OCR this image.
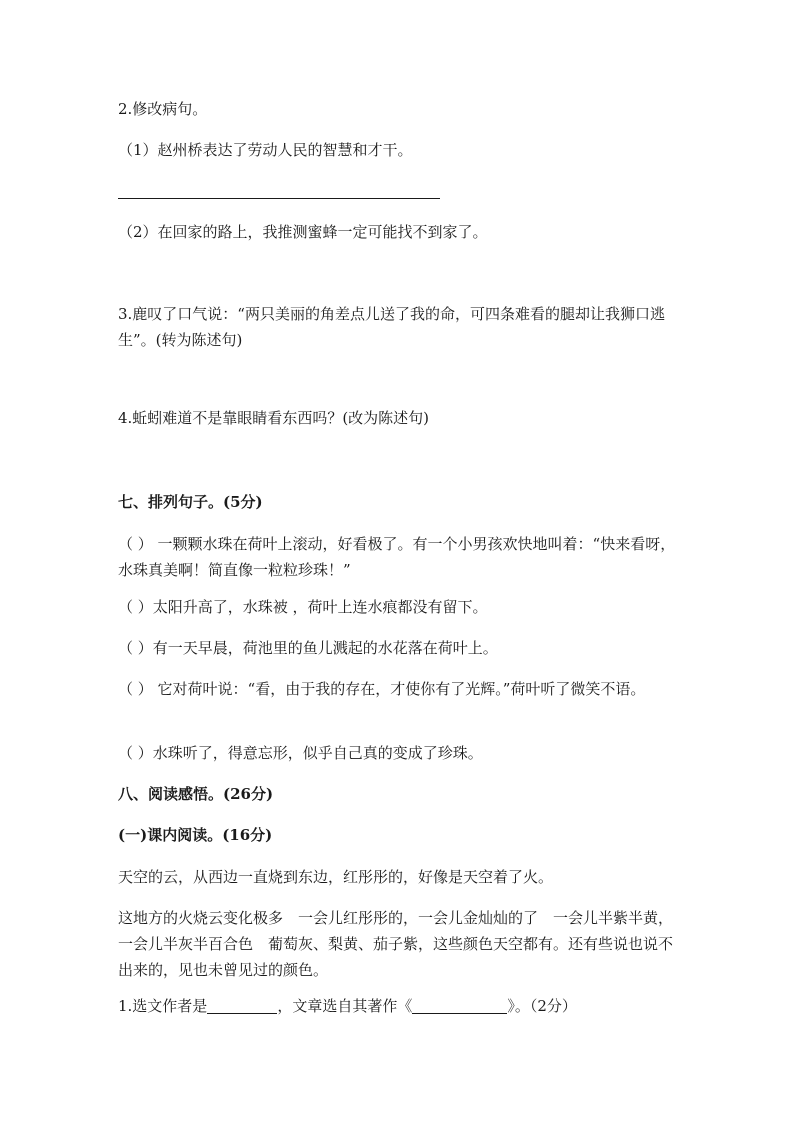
2.修改病句。
（1）赵州桥表达了劳动人民的智慧和才干。
（2）在回家的路上，我推测蜜蜂一定可能找不到家了。
3.鹿叹了口气说：“两只美丽的角差点儿送了我的命，可四条难看的腿却让我狮口逃生”。(转为陈述句)
4.蚯蚓难道不是靠眼睛看东西吗？(改为陈述句)
七、排列句子。(5分)
（ ） 一颗颗水珠在荷叶上滚动，好看极了。有一个小男孩欢快地叫着：“快来看呀，水珠真美啊！简直像一粒粒珍珠！”
（ ）太阳升高了，水珠被 ，荷叶上连水痕都没有留下。
（ ）有一天早晨，荷池里的鱼儿溅起的水花落在荷叶上。
（ ） 它对荷叶说：“看，由于我的存在，才使你有了光辉。”荷叶听了微笑不语。
（ ）水珠听了，得意忘形，似乎自己真的变成了珍珠。
八、阅读感悟。(26分)
(一)课内阅读。(16分)
天空的云，从西边一直烧到东边，红彤彤的，好像是天空着了火。
这地方的火烧云变化极多　一会儿红彤彤的，一会儿金灿灿的了　一会儿半紫半黄，一会儿半灰半百合色　葡萄灰、梨黄、茄子紫，这些颜色天空都有。还有些说也说不出来的，见也未曾见过的颜色。
1.选文作者是	，文章选自其著作《	》。（2分）
